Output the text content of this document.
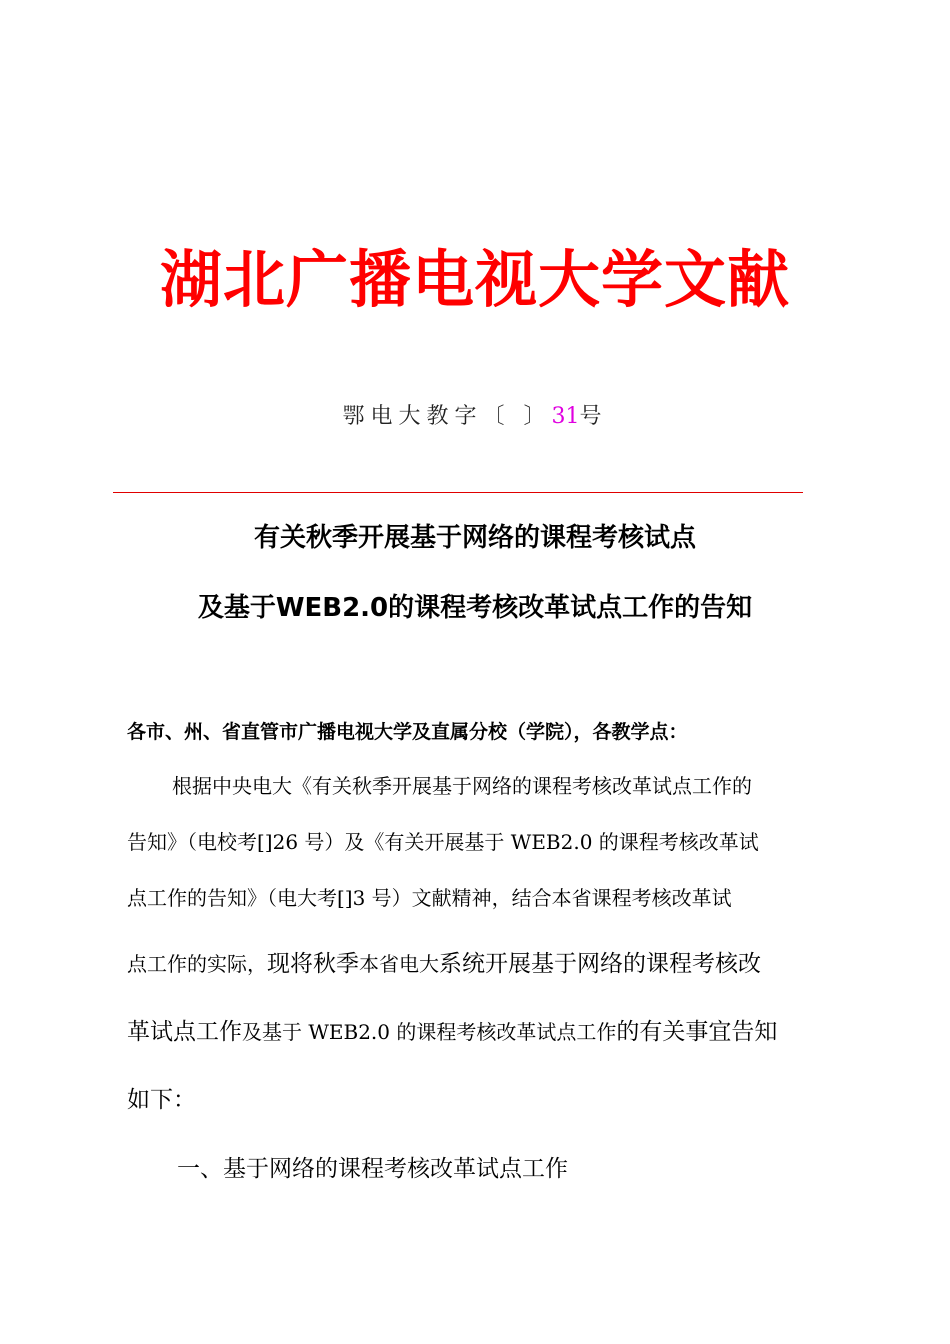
湖北广播电视大学文献
鄂电大教字〔 〕31号
有关秋季开展基于网络的课程考核试点
及基于WEB2.0的课程考核改革试点工作的告知
各市、州、省直管市广播电视大学及直属分校（学院），各教学点：
根据中央电大《有关秋季开展基于网络的课程考核改革试点工作的
告知》（电校考[]26 号）及《有关开展基于 WEB2.0 的课程考核改革试
点工作的告知》（电大考[]3 号）文献精神，结合本省课程考核改革试
点工作的实际，现将秋季本省电大系统开展基于网络的课程考核改
革试点工作及基于 WEB2.0 的课程考核改革试点工作的有关事宜告知
如下：
一、基于网络的课程考核改革试点工作
